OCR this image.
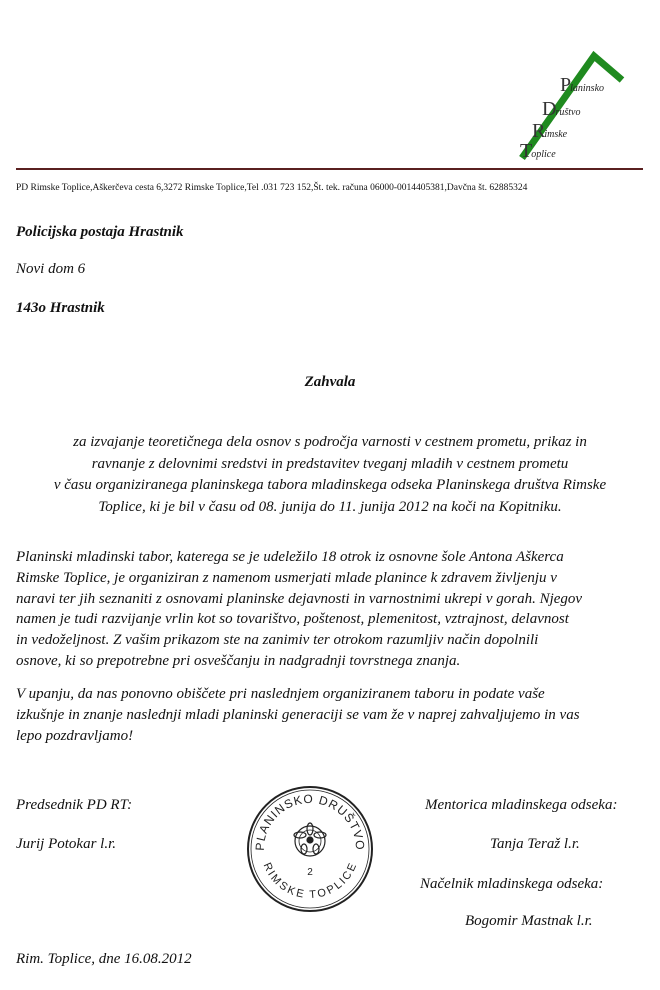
Planinsko
Društvo
Rimske
Toplice
PD Rimske Toplice,Aškerčeva cesta 6,3272 Rimske Toplice,Tel .031 723 152,Št. tek. računa 06000-0014405381,Davčna št. 62885324
Policijska postaja Hrastnik
Novi dom 6
143o Hrastnik
Zahvala
za izvajanje teoretičnega dela osnov s področja varnosti v cestnem prometu, prikaz in
ravnanje z delovnimi sredstvi in predstavitev tveganj mladih v cestnem prometu
v času organiziranega planinskega tabora mladinskega odseka Planinskega društva Rimske
Toplice, ki je bil v času od 08. junija do 11. junija 2012 na koči na Kopitniku.
Planinski mladinski tabor, katerega se je udeležilo 18 otrok iz osnovne šole Antona Aškerca
Rimske Toplice, je organiziran z namenom usmerjati mlade planince k zdravem življenju v
naravi ter jih seznaniti z osnovami planinske dejavnosti in varnostnimi ukrepi v gorah. Njegov
namen je tudi razvijanje vrlin kot so tovarištvo, poštenost, plemenitost, vztrajnost, delavnost
in vedoželjnost. Z vašim prikazom ste na zanimiv ter otrokom razumljiv način dopolnili
osnove, ki so prepotrebne pri osveščanju in nadgradnji tovrstnega znanja.
V upanju, da nas ponovno obiščete pri naslednjem organiziranem taboru in podate vaše
izkušnje in znanje naslednji mladi planinski generaciji se vam že v naprej zahvaljujemo in vas
lepo pozdravljamo!
Predsednik PD RT:
Jurij Potokar l.r.
Mentorica mladinskega odseka:
Tanja Teraž l.r.
Načelnik mladinskega odseka:
Bogomir Mastnak l.r.
PLANINSKO DRUŠTVO
RIMSKE TOPLICE
2
Rim. Toplice, dne 16.08.2012
